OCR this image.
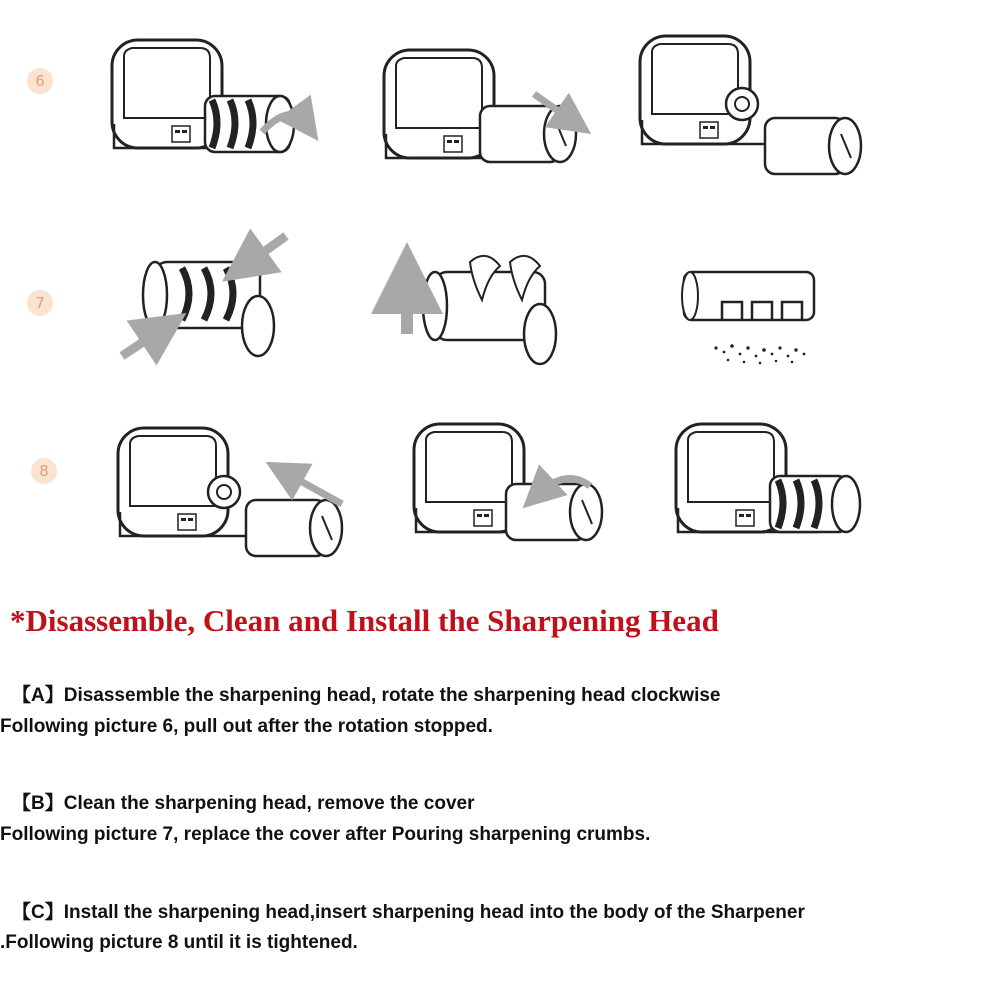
6
7
8
*Disassemble, Clean and Install the Sharpening Head
【A】Disassemble the sharpening head, rotate the sharpening head clockwise
Following picture 6, pull out after the rotation stopped.
【B】Clean the sharpening head, remove the cover
Following picture 7, replace the cover after Pouring sharpening crumbs.
【C】Install the sharpening head,insert sharpening head into the body of the Sharpener
.Following picture 8 until it is tightened.
